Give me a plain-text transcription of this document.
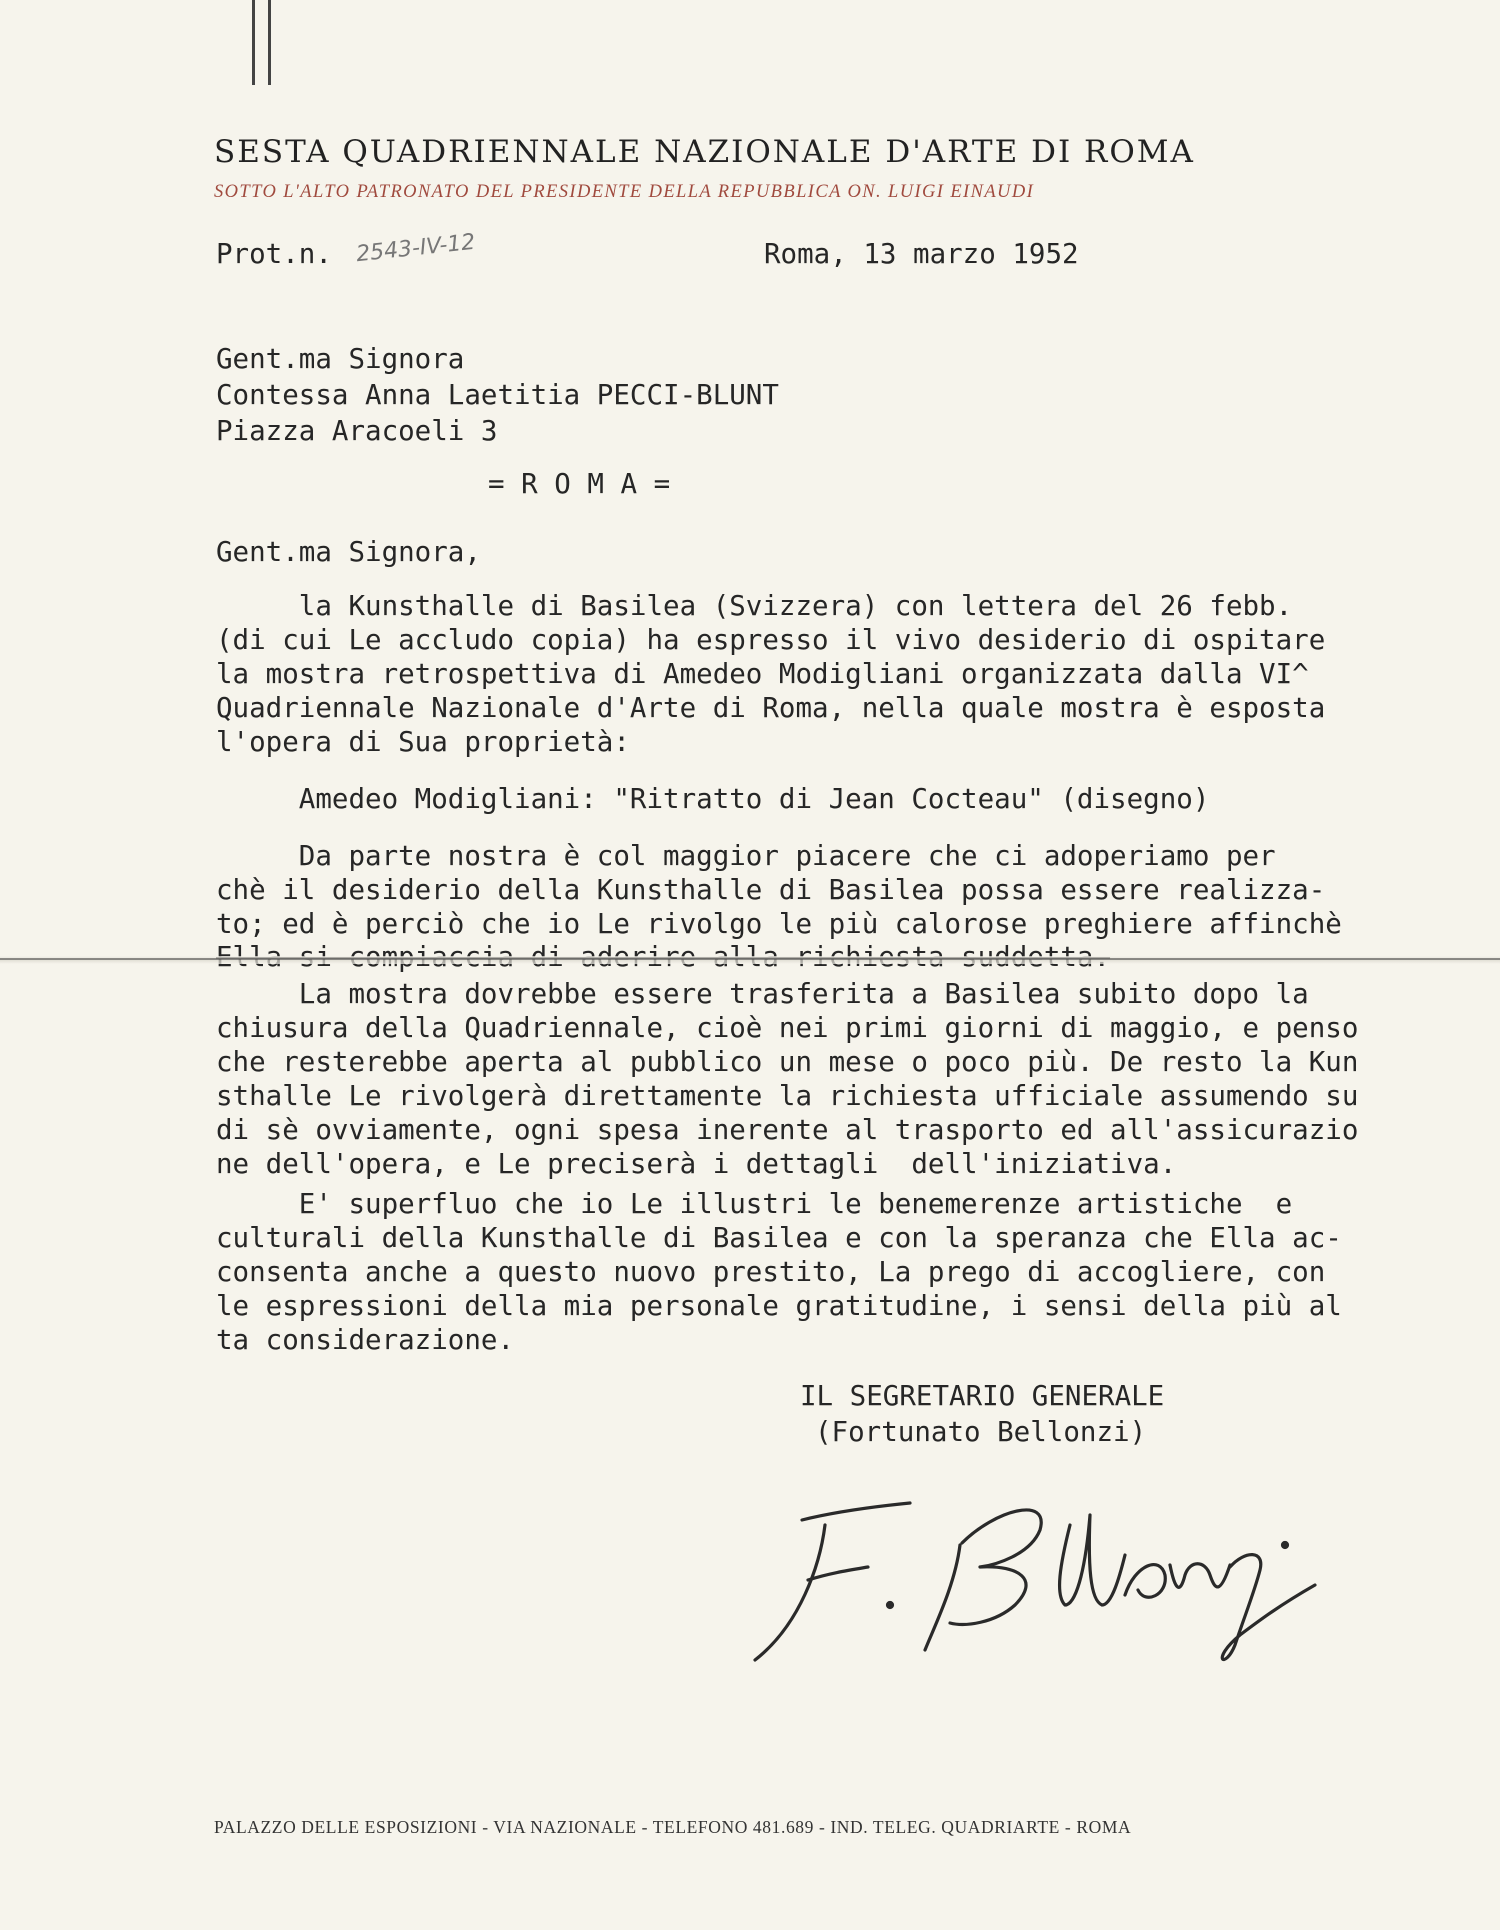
SESTA QUADRIENNALE NAZIONALE D'ARTE DI ROMA
SOTTO L'ALTO PATRONATO DEL PRESIDENTE DELLA REPUBBLICA ON. LUIGI EINAUDI
Prot.n. 2543-IV-12	Roma, 13 marzo 1952
Gent.ma Signora
Contessa Anna Laetitia PECCI-BLUNT
Piazza Aracoeli 3
= R O M A =
Gent.ma Signora,
la Kunsthalle di Basilea (Svizzera) con lettera del 26 febb.
(di cui Le accludo copia) ha espresso il vivo desiderio di ospitare
la mostra retrospettiva di Amedeo Modigliani organizzata dalla VI^
Quadriennale Nazionale d'Arte di Roma, nella quale mostra è esposta
l'opera di Sua proprietà:
Amedeo Modigliani: "Ritratto di Jean Cocteau" (disegno)
Da parte nostra è col maggior piacere che ci adoperiamo per
chè il desiderio della Kunsthalle di Basilea possa essere realizza-
to; ed è perciò che io Le rivolgo le più calorose preghiere affinchè
La mostra dovrebbe essere trasferita a Basilea subito dopo la
chiusura della Quadriennale, cioè nei primi giorni di maggio, e penso
che resterebbe aperta al pubblico un mese o poco più. De resto la Kun
sthalle Le rivolgerà direttamente la richiesta ufficiale assumendo su
di sè ovviamente, ogni spesa inerente al trasporto ed all'assicurazio
ne dell'opera, e Le preciserà i dettagli  dell'iniziativa.
E' superfluo che io Le illustri le benemerenze artistiche  e
culturali della Kunsthalle di Basilea e con la speranza che Ella ac-
consenta anche a questo nuovo prestito, La prego di accogliere, con
le espressioni della mia personale gratitudine, i sensi della più al
ta considerazione.
IL SEGRETARIO GENERALE
(Fortunato Bellonzi)
F. Bellonzi
PALAZZO DELLE ESPOSIZIONI - VIA NAZIONALE - TELEFONO 481.689 - IND. TELEG. QUADRIARTE - ROMA
